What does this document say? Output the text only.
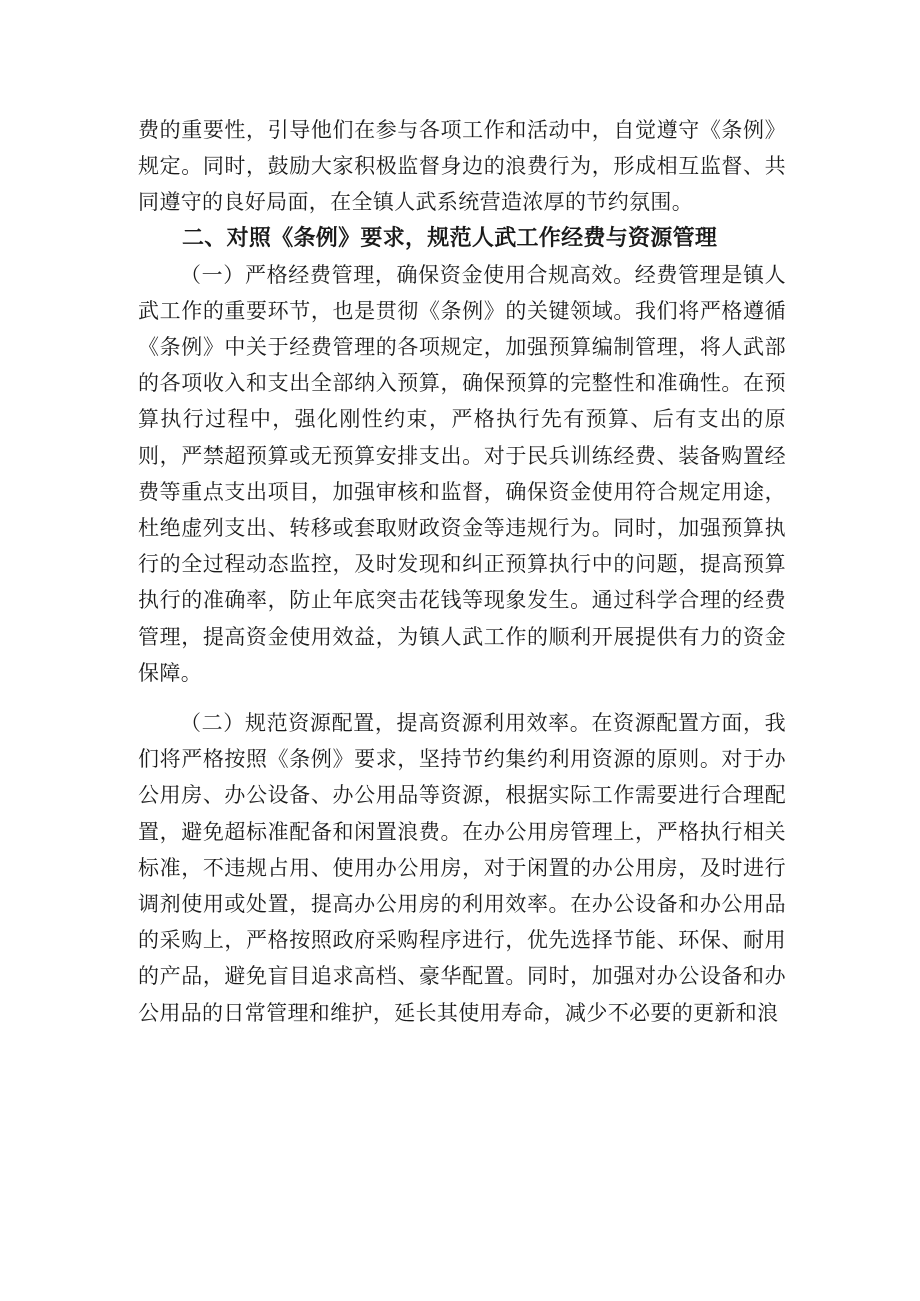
费的重要性，引导他们在参与各项工作和活动中，自觉遵守《条例》规定。同时，鼓励大家积极监督身边的浪费行为，形成相互监督、共同遵守的良好局面，在全镇人武系统营造浓厚的节约氛围。

二、对照《条例》要求，规范人武工作经费与资源管理

（一）严格经费管理，确保资金使用合规高效。经费管理是镇人武工作的重要环节，也是贯彻《条例》的关键领域。我们将严格遵循《条例》中关于经费管理的各项规定，加强预算编制管理，将人武部的各项收入和支出全部纳入预算，确保预算的完整性和准确性。在预算执行过程中，强化刚性约束，严格执行先有预算、后有支出的原则，严禁超预算或无预算安排支出。对于民兵训练经费、装备购置经费等重点支出项目，加强审核和监督，确保资金使用符合规定用途，杜绝虚列支出、转移或套取财政资金等违规行为。同时，加强预算执行的全过程动态监控，及时发现和纠正预算执行中的问题，提高预算执行的准确率，防止年底突击花钱等现象发生。通过科学合理的经费管理，提高资金使用效益，为镇人武工作的顺利开展提供有力的资金保障。

（二）规范资源配置，提高资源利用效率。在资源配置方面，我们将严格按照《条例》要求，坚持节约集约利用资源的原则。对于办公用房、办公设备、办公用品等资源，根据实际工作需要进行合理配置，避免超标准配备和闲置浪费。在办公用房管理上，严格执行相关标准，不违规占用、使用办公用房，对于闲置的办公用房，及时进行调剂使用或处置，提高办公用房的利用效率。在办公设备和办公用品的采购上，严格按照政府采购程序进行，优先选择节能、环保、耐用的产品，避免盲目追求高档、豪华配置。同时，加强对办公设备和办公用品的日常管理和维护，延长其使用寿命，减少不必要的更新和浪
